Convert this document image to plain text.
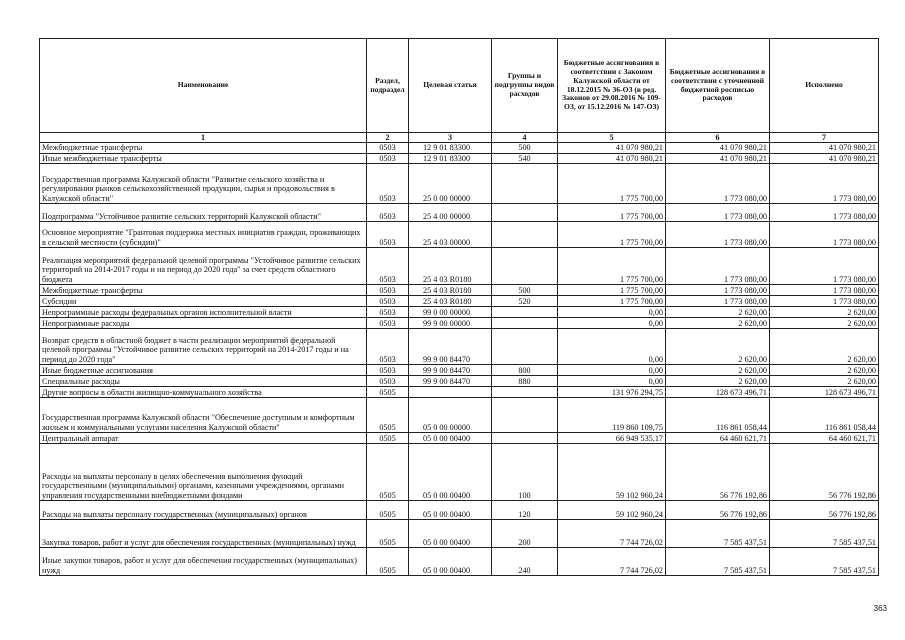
Наименование	Раздел, подраздел	Целевая статья	Группы и подгруппы видов расходов	Бюджетные ассигнования в соответствии с Законом Калужской области от 18.12.2015 № 36-ОЗ (в ред. Законов от 29.08.2016 № 109-ОЗ, от 15.12.2016 № 147-ОЗ)	Бюджетные ассигнования в соответствии с уточненной бюджетной росписью расходов	Исполнено
1	2	3	4	5	6	7
Межбюджетные трансферты	0503	12 9 01 83300	500	41 070 980,21	41 070 980,21	41 070 980,21
Иные межбюджетные трансферты	0503	12 9 01 83300	540	41 070 980,21	41 070 980,21	41 070 980,21
Государственная программа Калужской области "Развитие сельского хозяйства и регулирования рынков сельскохозяйственной продукции, сырья и продовольствия в Калужской области"	0503	25 0 00 00000		1 775 700,00	1 773 080,00	1 773 080,00
Подпрограмма "Устойчивое развитие сельских территорий Калужской области"	0503	25 4 00 00000		1 775 700,00	1 773 080,00	1 773 080,00
Основное мероприятие "Грантовая поддержка местных инициатив граждан, проживающих в сельской местности (субсидии)"	0503	25 4 03 00000		1 775 700,00	1 773 080,00	1 773 080,00
Реализация мероприятий федеральной целевой программы "Устойчивое развитие сельских территорий на 2014-2017 годы и на период до 2020 года" за счет средств областного бюджета	0503	25 4 03 R0180		1 775 700,00	1 773 080,00	1 773 080,00
Межбюджетные трансферты	0503	25 4 03 R0180	500	1 775 700,00	1 773 080,00	1 773 080,00
Субсидии	0503	25 4 03 R0180	520	1 775 700,00	1 773 080,00	1 773 080,00
Непрограммные расходы федеральных органов исполнительной власти	0503	99 0 00 00000		0,00	2 620,00	2 620,00
Непрограммные расходы	0503	99 9 00 00000		0,00	2 620,00	2 620,00
Возврат средств в областной бюджет в части реализации мероприятий федеральной целевой программы "Устойчивое развитие сельских территорий на 2014-2017 годы и на период до 2020 года"	0503	99 9 00 84470		0,00	2 620,00	2 620,00
Иные бюджетные ассигнования	0503	99 9 00 84470	800	0,00	2 620,00	2 620,00
Специальные расходы	0503	99 9 00 84470	880	0,00	2 620,00	2 620,00
Другие вопросы в области жилищно-коммунального хозяйства	0505			131 976 294,75	128 673 496,71	128 673 496,71
Государственная программа Калужской области "Обеспечение доступным и комфортным жильем и коммунальными услугами населения Калужской области"	0505	05 0 00 00000		119 860 109,75	116 861 058,44	116 861 058,44
Центральный аппарат	0505	05 0 00 00400		66 949 535,17	64 460 621,71	64 460 621,71
Расходы на выплаты персоналу в целях обеспечения выполнения функций государственными (муниципальными) органами, казенными учреждениями, органами управления государственными внебюджетными фондами	0505	05 0 00 00400	100	59 102 960,24	56 776 192,86	56 776 192,86
Расходы на выплаты персоналу государственных (муниципальных) органов	0505	05 0 00 00400	120	59 102 960,24	56 776 192,86	56 776 192,86
Закупка товаров, работ и услуг для обеспечения государственных (муниципальных) нужд	0505	05 0 00 00400	200	7 744 726,02	7 585 437,51	7 585 437,51
Иные закупки товаров, работ и услуг для обеспечения государственных (муниципальных) нужд	0505	05 0 00 00400	240	7 744 726,02	7 585 437,51	7 585 437,51
363
